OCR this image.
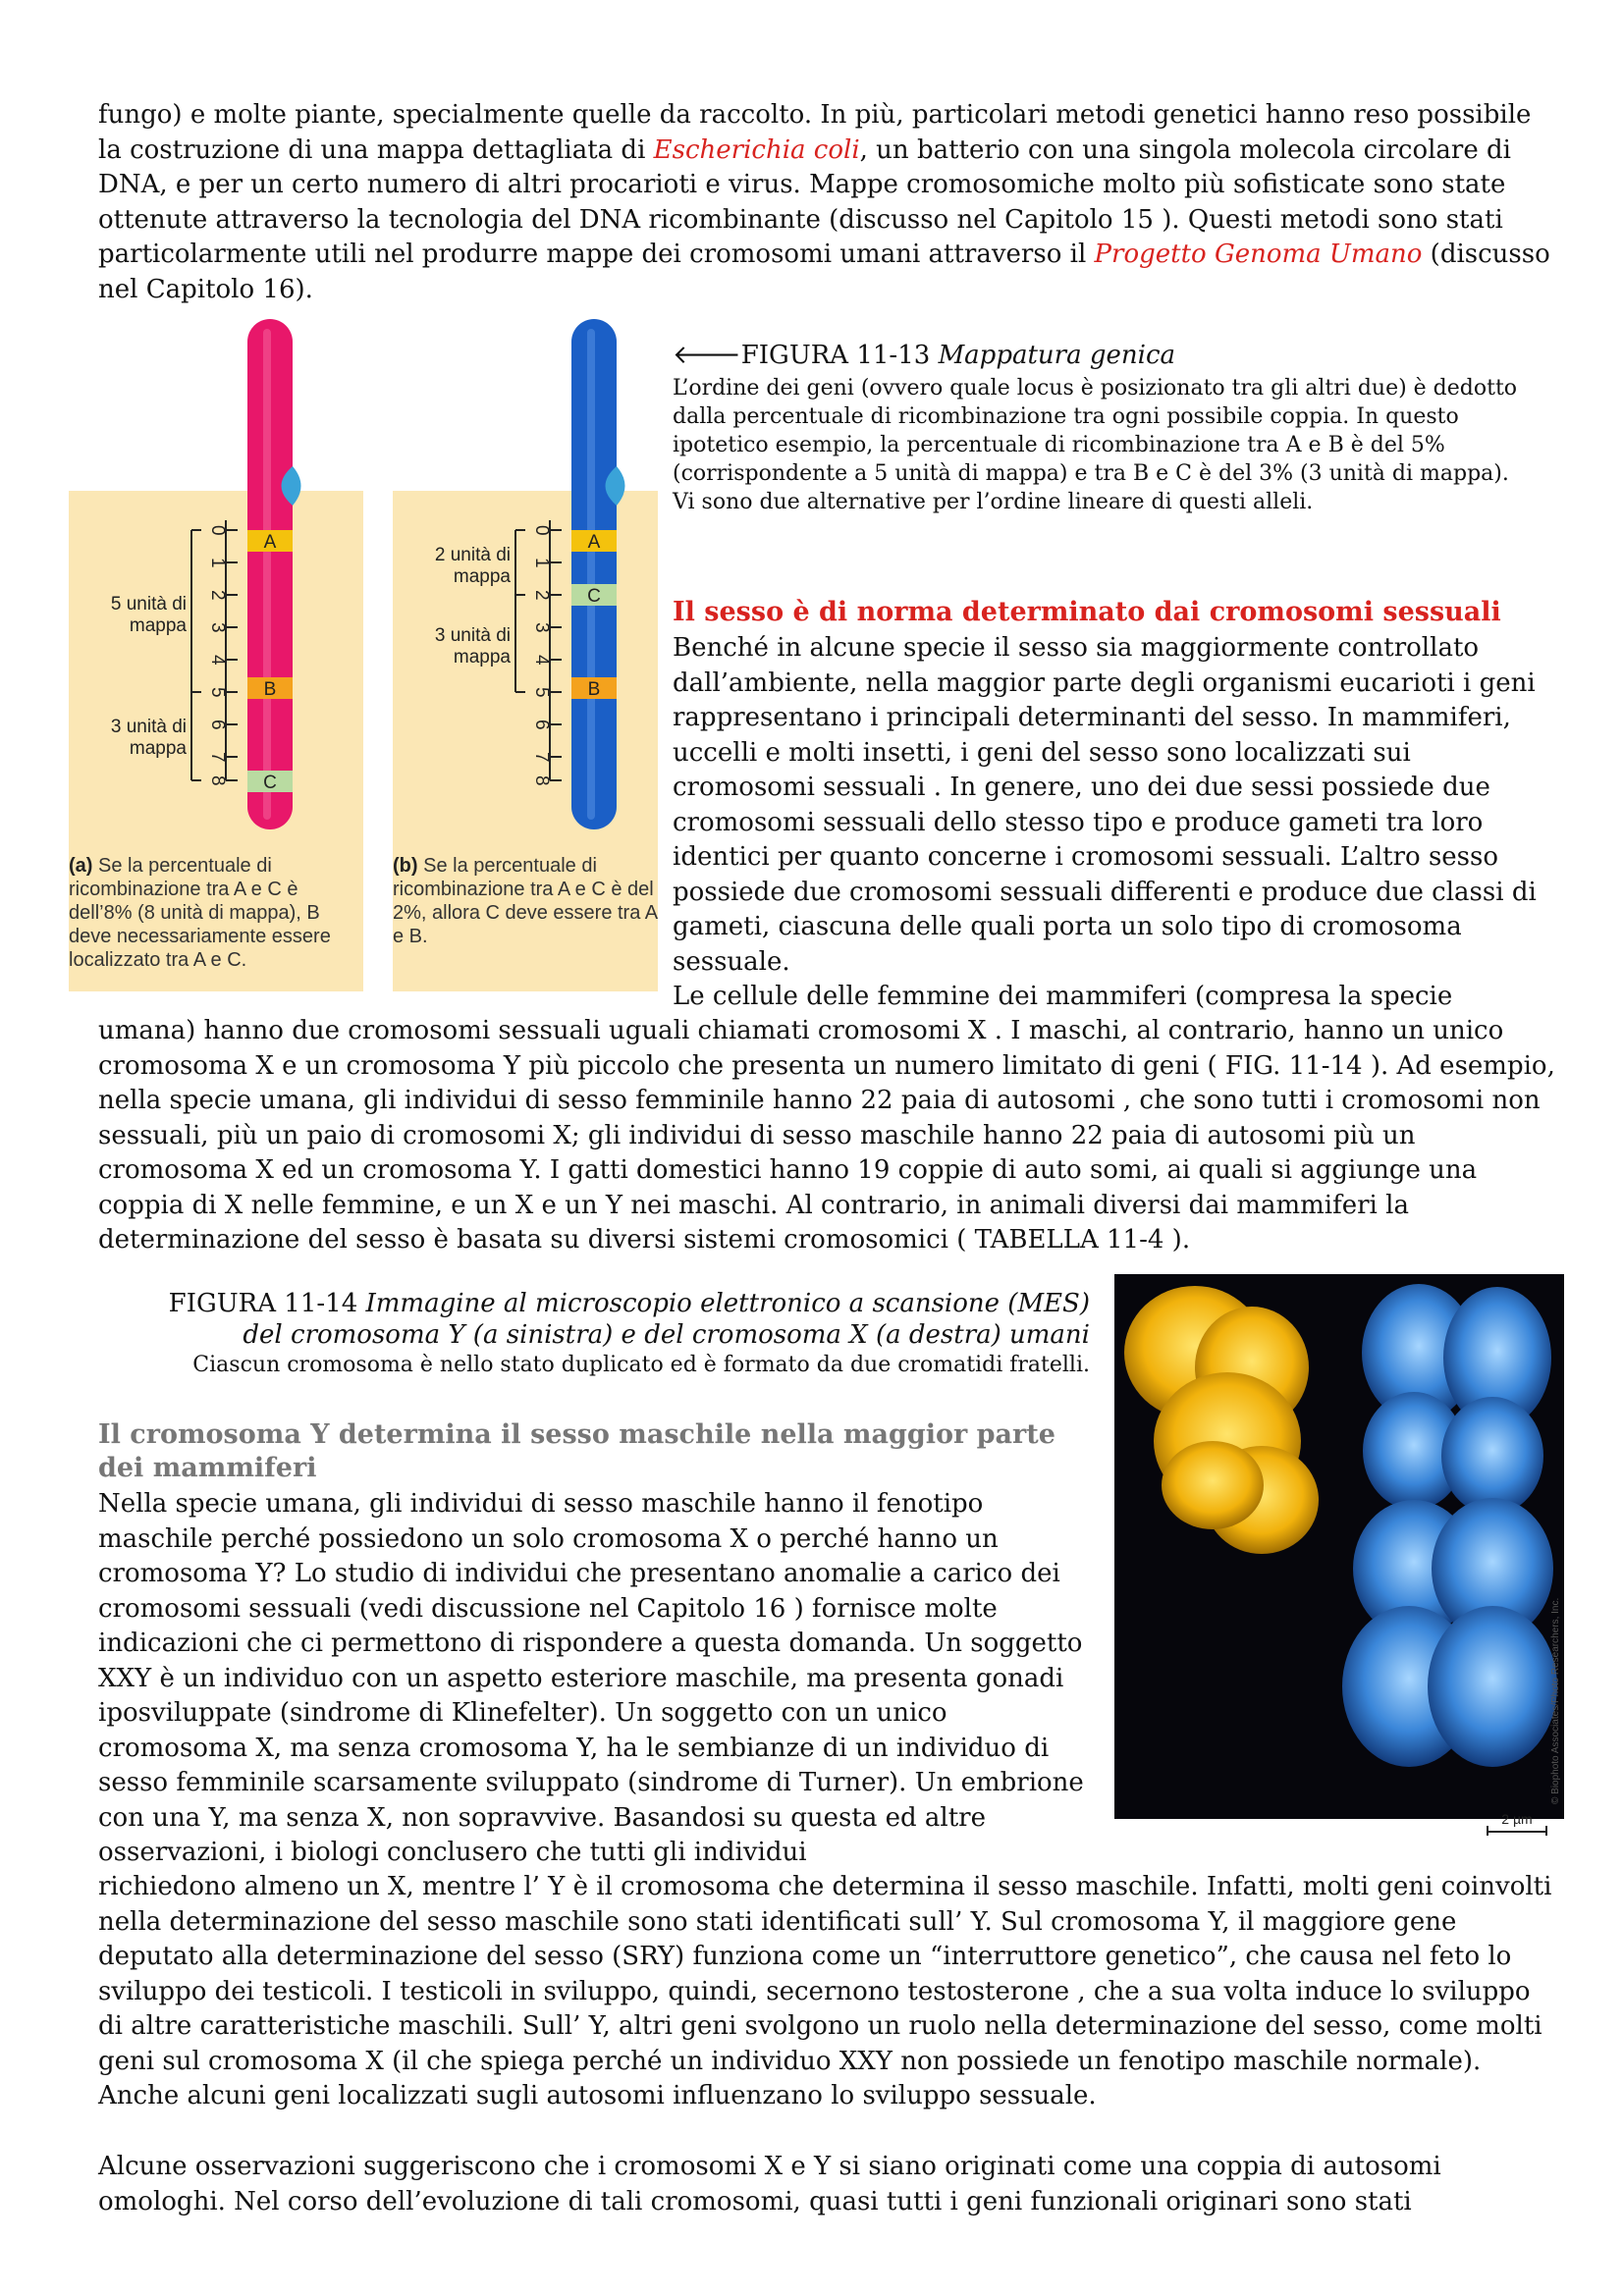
fungo) e molte piante, specialmente quelle da raccolto. In più, particolari metodi genetici hanno reso possibile la costruzione di una mappa dettagliata di Escherichia coli, un batterio con una singola molecola circolare di DNA, e per un certo numero di altri procarioti e virus. Mappe cromosomiche molto più sofisticate sono state ottenute attraverso la tecnologia del DNA ricombinante (discusso nel Capitolo 15 ). Questi metodi sono stati particolarmente utili nel produrre mappe dei cromosomi umani attraverso il Progetto Genoma Umano (discusso nel Capitolo 16).

0
1
2
3
4
5
6
7
8
0
1
2
3
4
5
6
7
8
A
B
C
A
C
B
5 unità di mappa
3 unità di mappa
2 unità di mappa
3 unità di mappa
(a) Se la percentuale di ricombinazione tra A e C è dell’8% (8 unità di mappa), B deve necessariamente essere localizzato tra A e C.
(b) Se la percentuale di ricombinazione tra A e C è del 2%, allora C deve essere tra A e B.
🡐FIGURA 11-13 Mappatura genica

L’ordine dei geni (ovvero quale locus è posizionato tra gli altri due) è dedotto dalla percentuale di ricombinazione tra ogni possibile coppia. In questo ipotetico esempio, la percentuale di ricombinazione tra A e B è del 5% (corrispondente a 5 unità di mappa) e tra B e C è del 3% (3 unità di mappa). Vi sono due alternative per l’ordine lineare di questi alleli.

Il sesso è di norma determinato dai cromosomi sessuali

Benché in alcune specie il sesso sia maggiormente controllato dall’ambiente, nella maggior parte degli organismi eucarioti i geni rappresentano i principali determinanti del sesso. In mammiferi, uccelli e molti insetti, i geni del sesso sono localizzati sui cromosomi sessuali . In genere, uno dei due sessi possiede due cromosomi sessuali dello stesso tipo e produce gameti tra loro identici per quanto concerne i cromosomi sessuali. L’altro sesso possiede due cromosomi sessuali differenti e produce due classi di gameti, ciascuna delle quali porta un solo tipo di cromosoma sessuale.

Le cellule delle femmine dei mammiferi (compresa la specie

umana) hanno due cromosomi sessuali uguali chiamati cromosomi X . I maschi, al contrario, hanno un unico cromosoma X e un cromosoma Y più piccolo che presenta un numero limitato di geni ( FIG. 11-14 ). Ad esempio, nella specie umana, gli individui di sesso femminile hanno 22 paia di autosomi , che sono tutti i cromosomi non sessuali, più un paio di cromosomi X; gli individui di sesso maschile hanno 22 paia di autosomi più un cromosoma X ed un cromosoma Y. I gatti domestici hanno 19 coppie di auto somi, ai quali si aggiunge una coppia di X nelle femmine, e un X e un Y nei maschi. Al contrario, in animali diversi dai mammiferi la determinazione del sesso è basata su diversi sistemi cromosomici ( TABELLA 11-4 ).

FIGURA 11-14 Immagine al microscopio elettronico a scansione (MES)
del cromosoma Y (a sinistra) e del cromosoma X (a destra) umani
Ciascun cromosoma è nello stato duplicato ed è formato da due cromatidi fratelli.
2 µm
© Biophoto Associates/Photo Researchers, Inc.
Il cromosoma Y determina il sesso maschile nella maggior parte dei mammiferi

Nella specie umana, gli individui di sesso maschile hanno il fenotipo maschile perché possiedono un solo cromosoma X o perché hanno un cromosoma Y? Lo studio di individui che presentano anomalie a carico dei cromosomi sessuali (vedi discussione nel Capitolo 16 ) fornisce molte indicazioni che ci permettono di rispondere a questa domanda. Un soggetto XXY è un individuo con un aspetto esteriore maschile, ma presenta gonadi iposviluppate (sindrome di Klinefelter). Un soggetto con un unico cromosoma X, ma senza cromosoma Y, ha le sembianze di un individuo di sesso femminile scarsamente sviluppato (sindrome di Turner). Un embrione con una Y, ma senza X, non sopravvive. Basandosi su questa ed altre osservazioni, i biologi conclusero che tutti gli individui

richiedono almeno un X, mentre l’ Y è il cromosoma che determina il sesso maschile. Infatti, molti geni coinvolti nella determinazione del sesso maschile sono stati identificati sull’ Y. Sul cromosoma Y, il maggiore gene deputato alla determinazione del sesso (SRY) funziona come un “interruttore genetico”, che causa nel feto lo sviluppo dei testicoli. I testicoli in sviluppo, quindi, secernono testosterone , che a sua volta induce lo sviluppo di altre caratteristiche maschili. Sull’ Y, altri geni svolgono un ruolo nella determinazione del sesso, come molti geni sul cromosoma X (il che spiega perché un individuo XXY non possiede un fenotipo maschile normale). Anche alcuni geni localizzati sugli autosomi influenzano lo sviluppo sessuale.

Alcune osservazioni suggeriscono che i cromosomi X e Y si siano originati come una coppia di autosomi omologhi. Nel corso dell’evoluzione di tali cromosomi, quasi tutti i geni funzionali originari sono stati
